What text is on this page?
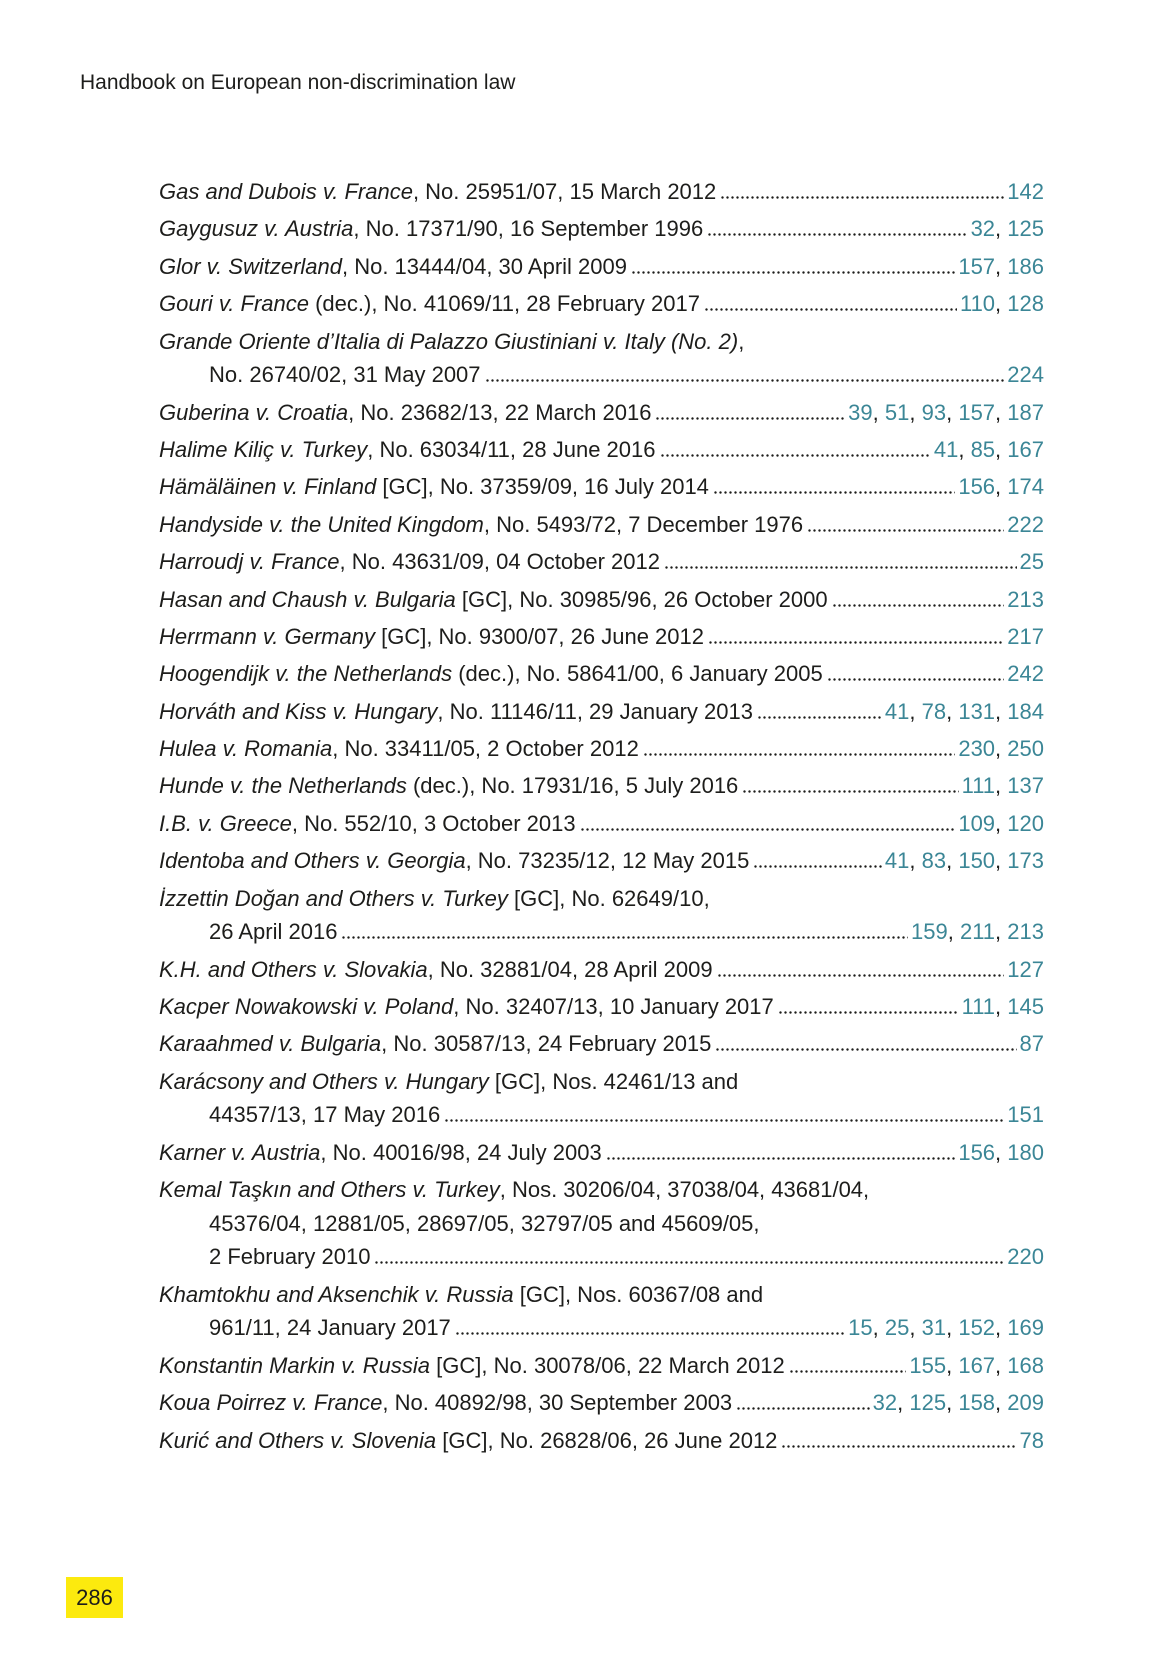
Handbook on European non-discrimination law
Gas and Dubois v. France, No. 25951/07, 15 March 2012	142
Gaygusuz v. Austria, No. 17371/90, 16 September 1996	32, 125
Glor v. Switzerland, No. 13444/04, 30 April 2009	157, 186
Gouri v. France (dec.), No. 41069/11, 28 February 2017	110, 128
Grande Oriente d’Italia di Palazzo Giustiniani v. Italy (No. 2),
No. 26740/02, 31 May 2007	224
Guberina v. Croatia, No. 23682/13, 22 March 2016	39, 51, 93, 157, 187
Halime Kiliç v. Turkey, No. 63034/11, 28 June 2016	41, 85, 167
Hämäläinen v. Finland [GC], No. 37359/09, 16 July 2014	156, 174
Handyside v. the United Kingdom, No. 5493/72, 7 December 1976	222
Harroudj v. France, No. 43631/09, 04 October 2012	25
Hasan and Chaush v. Bulgaria [GC], No. 30985/96, 26 October 2000	213
Herrmann v. Germany [GC], No. 9300/07, 26 June 2012	217
Hoogendijk v. the Netherlands (dec.), No. 58641/00, 6 January 2005	242
Horváth and Kiss v. Hungary, No. 11146/11, 29 January 2013	41, 78, 131, 184
Hulea v. Romania, No. 33411/05, 2 October 2012	230, 250
Hunde v. the Netherlands (dec.), No. 17931/16, 5 July 2016	111, 137
I.B. v. Greece, No. 552/10, 3 October 2013	109, 120
Identoba and Others v. Georgia, No. 73235/12, 12 May 2015	41, 83, 150, 173
İzzettin Doğan and Others v. Turkey [GC], No. 62649/10,
26 April 2016	159, 211, 213
K.H. and Others v. Slovakia, No. 32881/04, 28 April 2009	127
Kacper Nowakowski v. Poland, No. 32407/13, 10 January 2017	111, 145
Karaahmed v. Bulgaria, No. 30587/13, 24 February 2015	87
Karácsony and Others v. Hungary [GC], Nos. 42461/13 and
44357/13, 17 May 2016	151
Karner v. Austria, No. 40016/98, 24 July 2003	156, 180
Kemal Taşkın and Others v. Turkey, Nos. 30206/04, 37038/04, 43681/04,
45376/04, 12881/05, 28697/05, 32797/05 and 45609/05,
2 February 2010	220
Khamtokhu and Aksenchik v. Russia [GC], Nos. 60367/08 and
961/11, 24 January 2017	15, 25, 31, 152, 169
Konstantin Markin v. Russia [GC], No. 30078/06, 22 March 2012	155, 167, 168
Koua Poirrez v. France, No. 40892/98, 30 September 2003	32, 125, 158, 209
Kurić and Others v. Slovenia [GC], No. 26828/06, 26 June 2012	78
286
